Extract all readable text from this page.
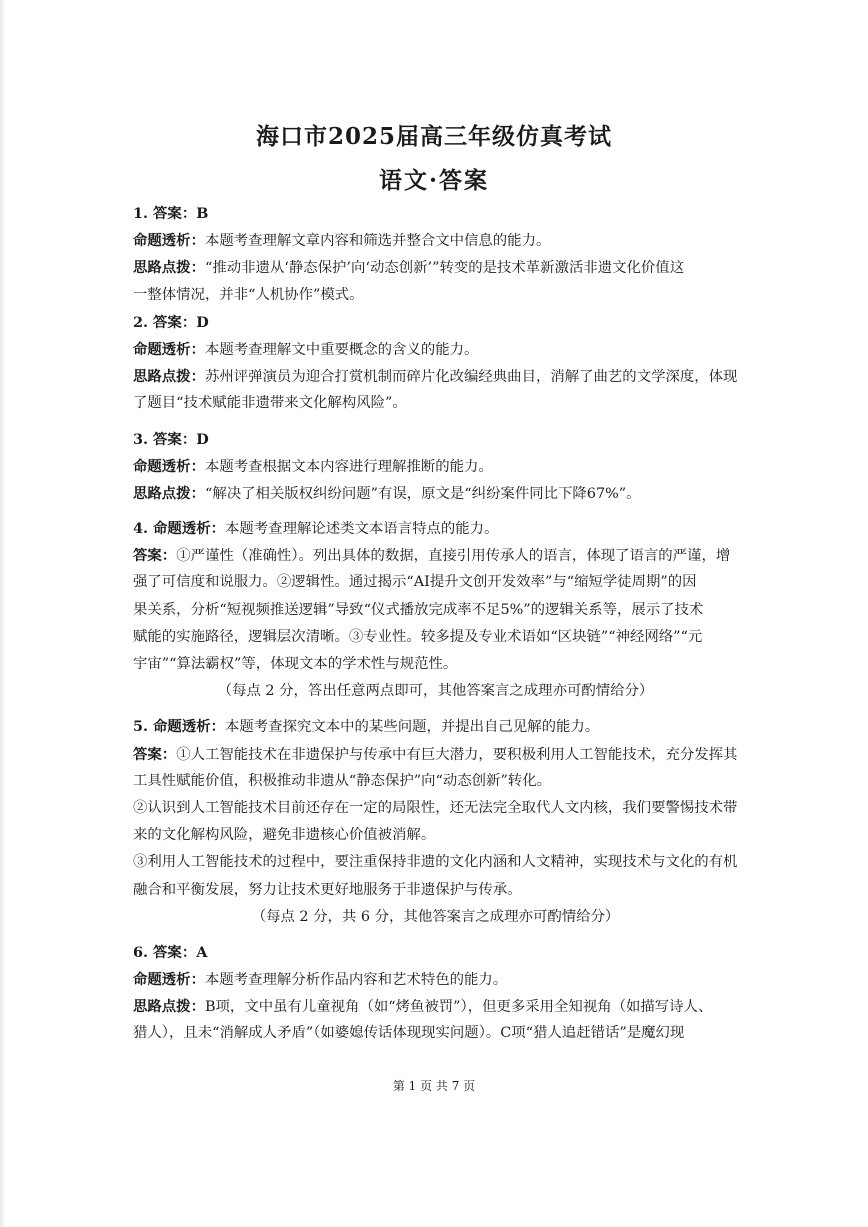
海口市2025届高三年级仿真考试
语文·答案
1. 答案：B
命题透析：本题考查理解文章内容和筛选并整合文中信息的能力。
思路点拨：“推动非遗从‘静态保护’向‘动态创新’”转变的是技术革新激活非遗文化价值这
一整体情况，并非“人机协作”模式。
2. 答案：D
命题透析：本题考查理解文中重要概念的含义的能力。
思路点拨：苏州评弹演员为迎合打赏机制而碎片化改编经典曲目，消解了曲艺的文学深度，体现
了题目“技术赋能非遗带来文化解构风险”。
3. 答案：D
命题透析：本题考查根据文本内容进行理解推断的能力。
思路点拨：“解决了相关版权纠纷问题”有误，原文是“纠纷案件同比下降67%”。
4. 命题透析：本题考查理解论述类文本语言特点的能力。
答案：①严谨性（准确性）。列出具体的数据，直接引用传承人的语言，体现了语言的严谨，增
强了可信度和说服力。②逻辑性。通过揭示“AI提升文创开发效率”与“缩短学徒周期”的因
果关系，分析“短视频推送逻辑”导致“仪式播放完成率不足5%”的逻辑关系等，展示了技术
赋能的实施路径，逻辑层次清晰。③专业性。较多提及专业术语如“区块链”“神经网络”“元
宇宙”“算法霸权”等，体现文本的学术性与规范性。
（每点 2 分，答出任意两点即可，其他答案言之成理亦可酌情给分）
5. 命题透析：本题考查探究文本中的某些问题，并提出自己见解的能力。
答案：①人工智能技术在非遗保护与传承中有巨大潜力，要积极利用人工智能技术，充分发挥其
工具性赋能价值，积极推动非遗从“静态保护”向“动态创新”转化。
②认识到人工智能技术目前还存在一定的局限性，还无法完全取代人文内核，我们要警惕技术带
来的文化解构风险，避免非遗核心价值被消解。
③利用人工智能技术的过程中，要注重保持非遗的文化内涵和人文精神，实现技术与文化的有机
融合和平衡发展，努力让技术更好地服务于非遗保护与传承。
（每点 2 分，共 6 分，其他答案言之成理亦可酌情给分）
6. 答案：A
命题透析：本题考查理解分析作品内容和艺术特色的能力。
思路点拨：B项，文中虽有儿童视角（如“烤鱼被罚”），但更多采用全知视角（如描写诗人、
猎人），且未“消解成人矛盾”（如婆媳传话体现现实问题）。C项“猎人追赶错话”是魔幻现
第 1 页 共 7 页
